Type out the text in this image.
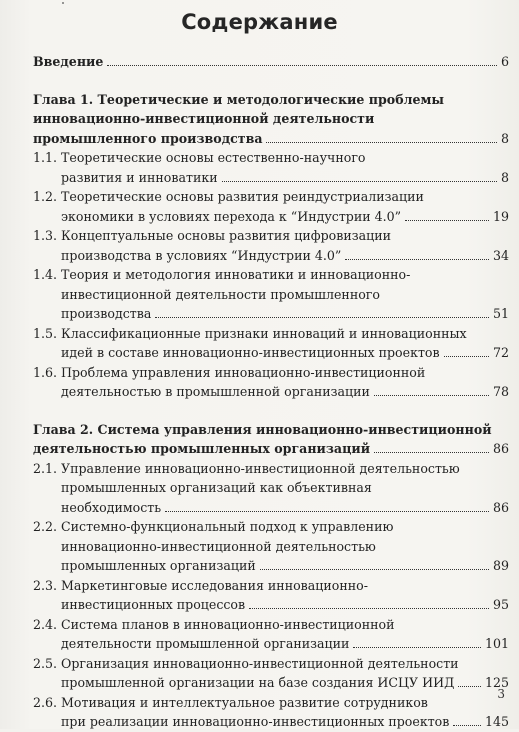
Содержание
Введение	6
Глава 1. Теоретические и методологические проблемы
инновационно-инвестиционной деятельности
промышленного производства	8
1.1. Теоретические основы естественно-научного
развития и инноватики	8
1.2. Теоретические основы развития реиндустриализации
экономики в условиях перехода к “Индустрии 4.0”	19
1.3. Концептуальные основы развития цифровизации
производства в условиях “Индустрии 4.0”	34
1.4. Теория и методология инноватики и инновационно-
инвестиционной деятельности промышленного
производства	51
1.5. Классификационные признаки инноваций и инновационных
идей в составе инновационно-инвестиционных проектов	72
1.6. Проблема управления инновационно-инвестиционной
деятельностью в промышленной организации	78
Глава 2. Система управления инновационно-инвестиционной
деятельностью промышленных организаций	86
2.1. Управление инновационно-инвестиционной деятельностью
промышленных организаций как объективная
необходимость	86
2.2. Системно-функциональный подход к управлению
инновационно-инвестиционной деятельностью
промышленных организаций	89
2.3. Маркетинговые исследования инновационно-
инвестиционных процессов	95
2.4. Система планов в инновационно-инвестиционной
деятельности промышленной организации	101
2.5. Организация инновационно-инвестиционной деятельности
промышленной организации на базе создания ИСЦУ ИИД 125
2.6. Мотивация и интеллектуальное развитие сотрудников
при реализации инновационно-инвестиционных проектов	145
3
